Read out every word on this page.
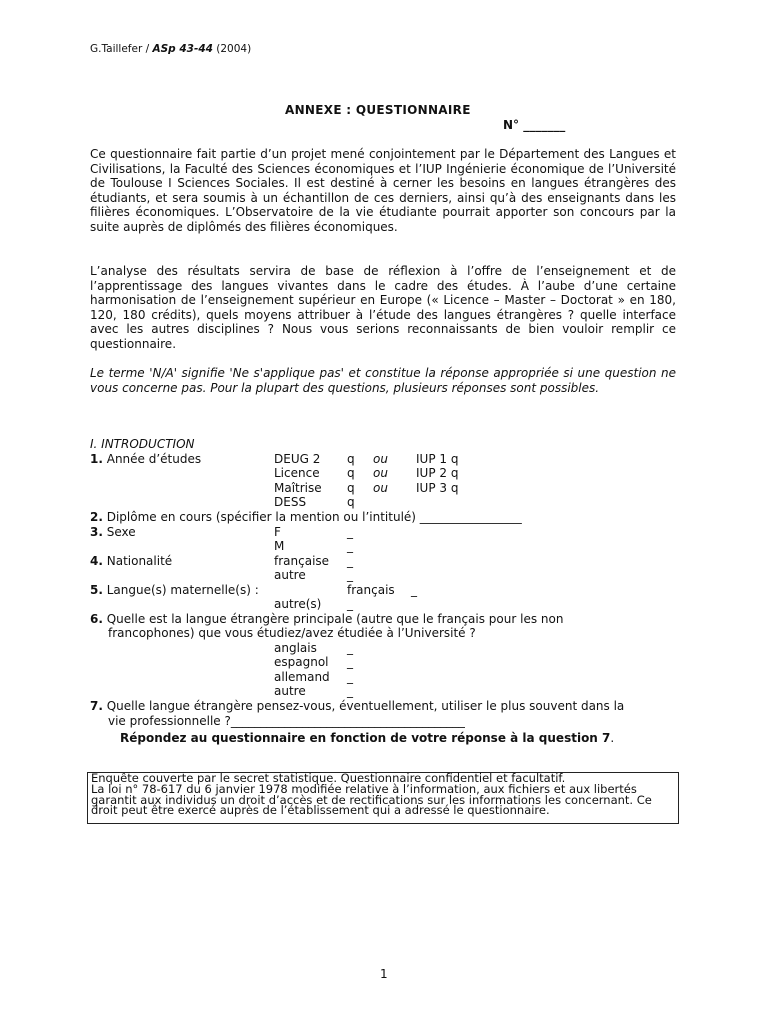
G.Taillefer / ASp 43-44 (2004)
ANNEXE : QUESTIONNAIRE
N° _______

Ce questionnaire fait partie d’un projet mené conjointement par le Département des Langues et Civilisations, la Faculté des Sciences économiques et l’IUP Ingénierie économique de l’Université de Toulouse I Sciences Sociales. Il est destiné à cerner les besoins en langues étrangères des étudiants, et sera soumis à un échantillon de ces derniers, ainsi qu’à des enseignants dans les filières économiques. L’Observatoire de la vie étudiante pourrait apporter son concours par la suite auprès de diplômés des filières économiques.

L’analyse des résultats servira de base de réflexion à l’offre de l’enseignement et de l’apprentissage des langues vivantes dans le cadre des études. À l’aube d’une certaine harmonisation de l’enseignement supérieur en Europe (« Licence – Master – Doctorat » en 180, 120, 180 crédits), quels moyens attribuer à l’étude des langues étrangères ? quelle interface avec les autres disciplines ? Nous vous serions reconnaissants de bien vouloir remplir ce questionnaire.

Le terme 'N/A' signifie 'Ne s'applique pas' et constitue la réponse appropriée si une question ne vous concerne pas. Pour la plupart des questions, plusieurs réponses sont possibles.

I. INTRODUCTION
1. Année d’études	DEUG 2 q ou IUP 1 q
Licence q ou IUP 2 q
Maîtrise q ou IUP 3 q
DESS	q
2. Diplôme en cours (spécifier la mention ou l’intitulé) _________________
3. Sexe	F	_
M	_
4. Nationalité	française _
autre	_
5. Langue(s) maternelle(s) :	français _
autre(s) _
6. Quelle est la langue étrangère principale (autre que le français pour les non
francophones) que vous étudiez/avez étudiée à l’Université ?
anglais	_
espagnol _
allemand _
autre	_
7. Quelle langue étrangère pensez-vous, éventuellement, utiliser le plus souvent dans la
vie professionnelle ?_______________________________________
Répondez au questionnaire en fonction de votre réponse à la question 7.

Enquête couverte par le secret statistique. Questionnaire confidentiel et facultatif.

La loi n° 78-617 du 6 janvier 1978 modifiée relative à l’information, aux fichiers et aux libertés garantit aux individus un droit d’accès et de rectifications sur les informations les concernant. Ce droit peut être exercé auprès de l’établissement qui a adressé le questionnaire.

1
